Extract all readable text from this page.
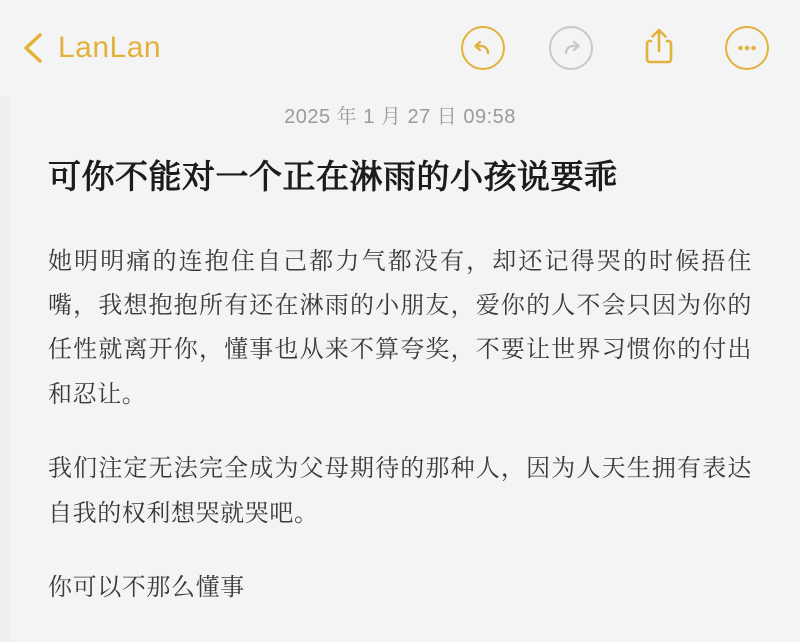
LanLan
2025 年 1 月 27 日 09:58
可你不能对一个正在淋雨的小孩说要乖

她明明痛的连抱住自己都力气都没有，却还记得哭的时候捂住嘴，我想抱抱所有还在淋雨的小朋友，爱你的人不会只因为你的任性就离开你，懂事也从来不算夸奖，不要让世界习惯你的付出和忍让。

我们注定无法完全成为父母期待的那种人，因为人天生拥有表达自我的权利想哭就哭吧。

你可以不那么懂事
